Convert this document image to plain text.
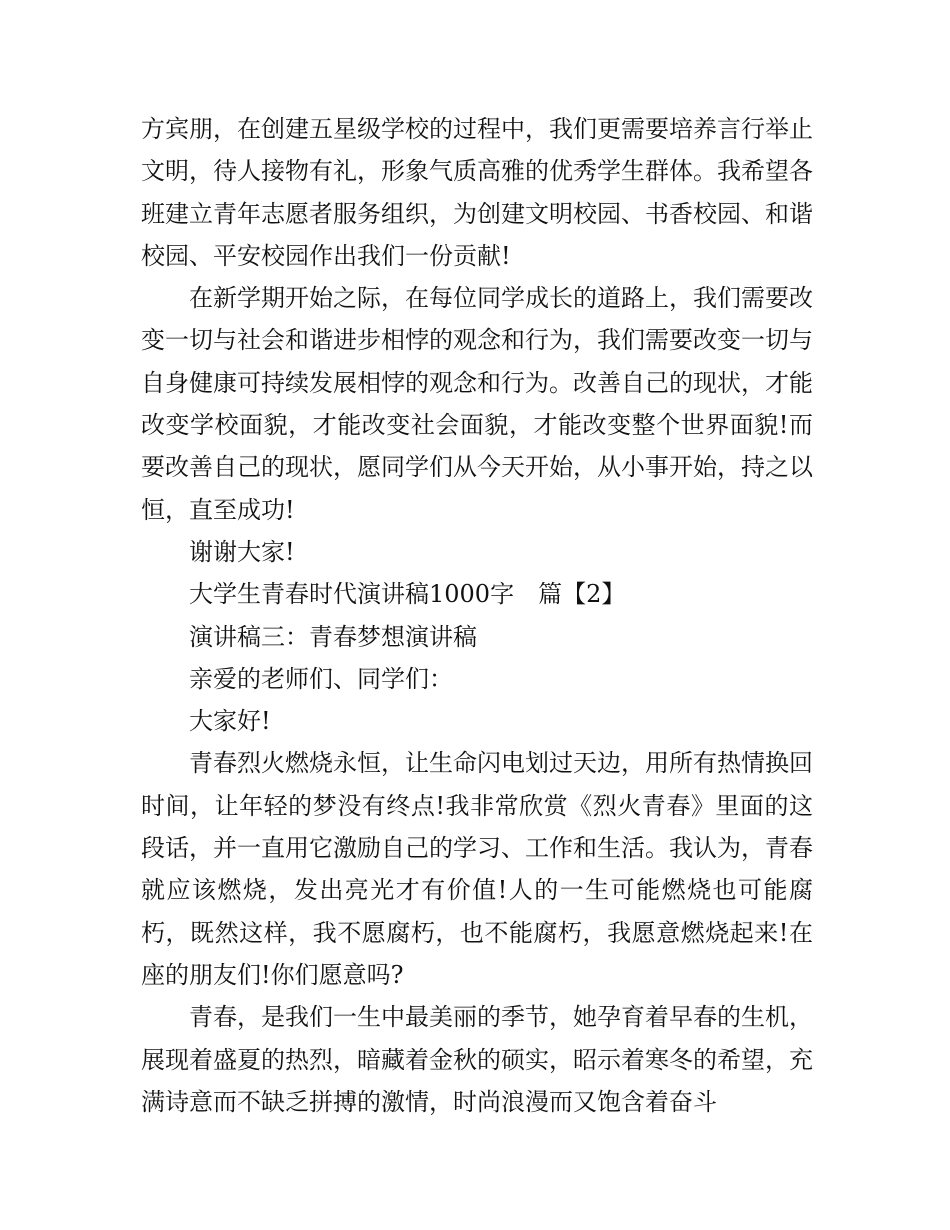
方宾朋，在创建五星级学校的过程中，我们更需要培养言行举止文明，待人接物有礼，形象气质高雅的优秀学生群体。我希望各班建立青年志愿者服务组织，为创建文明校园、书香校园、和谐校园、平安校园作出我们一份贡献!

在新学期开始之际，在每位同学成长的道路上，我们需要改变一切与社会和谐进步相悖的观念和行为，我们需要改变一切与自身健康可持续发展相悖的观念和行为。改善自己的现状，才能改变学校面貌，才能改变社会面貌，才能改变整个世界面貌!而要改善自己的现状，愿同学们从今天开始，从小事开始，持之以恒，直至成功!

谢谢大家!

大学生青春时代演讲稿1000字　篇【2】

演讲稿三：青春梦想演讲稿

亲爱的老师们、同学们：

大家好!

青春烈火燃烧永恒，让生命闪电划过天边，用所有热情换回时间，让年轻的梦没有终点!我非常欣赏《烈火青春》里面的这段话，并一直用它激励自己的学习、工作和生活。我认为，青春就应该燃烧，发出亮光才有价值!人的一生可能燃烧也可能腐朽，既然这样，我不愿腐朽，也不能腐朽，我愿意燃烧起来!在座的朋友们!你们愿意吗?

青春，是我们一生中最美丽的季节，她孕育着早春的生机，展现着盛夏的热烈，暗藏着金秋的硕实，昭示着寒冬的希望，充满诗意而不缺乏拼搏的激情，时尚浪漫而又饱含着奋斗
